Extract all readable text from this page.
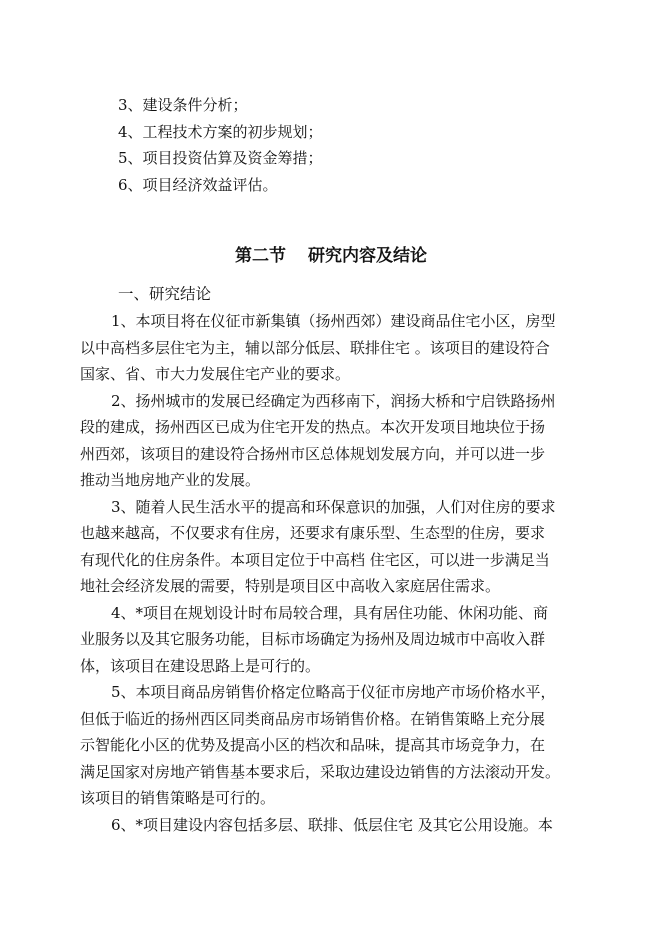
3、建设条件分析；
4、工程技术方案的初步规划；
5、项目投资估算及资金筹措；
6、项目经济效益评估。
第二节 研究内容及结论
一、研究结论

1、本项目将在仪征市新集镇（扬州西郊）建设商品住宅小区，房型
以中高档多层住宅为主，辅以部分低层、联排住宅 。该项目的建设符合
国家、省、市大力发展住宅产业的要求。

2、扬州城市的发展已经确定为西移南下，润扬大桥和宁启铁路扬州
段的建成，扬州西区已成为住宅开发的热点。本次开发项目地块位于扬
州西郊，该项目的建设符合扬州市区总体规划发展方向，并可以进一步
推动当地房地产业的发展。

3、随着人民生活水平的提高和环保意识的加强，人们对住房的要求
也越来越高，不仅要求有住房，还要求有康乐型、生态型的住房，要求
有现代化的住房条件。本项目定位于中高档 住宅区，可以进一步满足当
地社会经济发展的需要，特别是项目区中高收入家庭居住需求。

4、*项目在规划设计时布局较合理，具有居住功能、休闲功能、商
业服务以及其它服务功能，目标市场确定为扬州及周边城市中高收入群
体，该项目在建设思路上是可行的。

5、本项目商品房销售价格定位略高于仪征市房地产市场价格水平，
但低于临近的扬州西区同类商品房市场销售价格。在销售策略上充分展
示智能化小区的优势及提高小区的档次和品味，提高其市场竞争力，在
满足国家对房地产销售基本要求后，采取边建设边销售的方法滚动开发。
该项目的销售策略是可行的。

6、*项目建设内容包括多层、联排、低层住宅 及其它公用设施。本
